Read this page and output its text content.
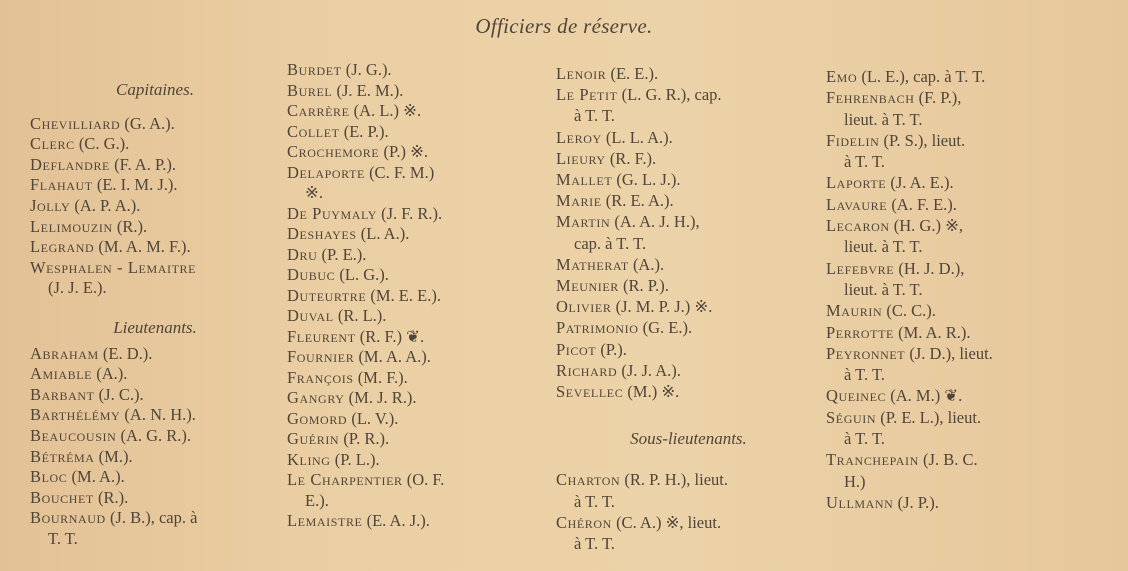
Officiers de réserve.
Capitaines.
Chevilliard (G. A.).
Clerc (C. G.).
Deflandre (F. A. P.).
Flahaut (E. I. M. J.).
Jolly (A. P. A.).
Lelimouzin (R.).
Legrand (M. A. M. F.).
Wesphalen - Lemaitre
(J. J. E.).
Lieutenants.
Abraham (E. D.).
Amiable (A.).
Barbant (J. C.).
Barthélémy (A. N. H.).
Beaucousin (A. G. R.).
Bétréma (M.).
Bloc (M. A.).
Bouchet (R.).
Bournaud (J. B.), cap. à
T. T.
Burdet (J. G.).
Burel (J. E. M.).
Carrère (A. L.) ※.
Collet (E. P.).
Crochemore (P.) ※.
Delaporte (C. F. M.)
※.
De Puymaly (J. F. R.).
Deshayes (L. A.).
Dru (P. E.).
Dubuc (L. G.).
Duteurtre (M. E. E.).
Duval (R. L.).
Fleurent (R. F.) ❦.
Fournier (M. A. A.).
François (M. F.).
Gangry (M. J. R.).
Gomord (L. V.).
Guérin (P. R.).
Kling (P. L.).
Le Charpentier (O. F.
E.).
Lemaistre (E. A. J.).
Lenoir (E. E.).
Le Petit (L. G. R.), cap.
à T. T.
Leroy (L. L. A.).
Lieury (R. F.).
Mallet (G. L. J.).
Marie (R. E. A.).
Martin (A. A. J. H.),
cap. à T. T.
Matherat (A.).
Meunier (R. P.).
Olivier (J. M. P. J.) ※.
Patrimonio (G. E.).
Picot (P.).
Richard (J. J. A.).
Sevellec (M.) ※.
Sous-lieutenants.
Charton (R. P. H.), lieut.
à T. T.
Chéron (C. A.) ※, lieut.
à T. T.
Emo (L. E.), cap. à T. T.
Fehrenbach (F. P.),
lieut. à T. T.
Fidelin (P. S.), lieut.
à T. T.
Laporte (J. A. E.).
Lavaure (A. F. E.).
Lecaron (H. G.) ※,
lieut. à T. T.
Lefebvre (H. J. D.),
lieut. à T. T.
Maurin (C. C.).
Perrotte (M. A. R.).
Peyronnet (J. D.), lieut.
à T. T.
Queinec (A. M.) ❦.
Séguin (P. E. L.), lieut.
à T. T.
Tranchepain (J. B. C.
H.)
Ullmann (J. P.).
